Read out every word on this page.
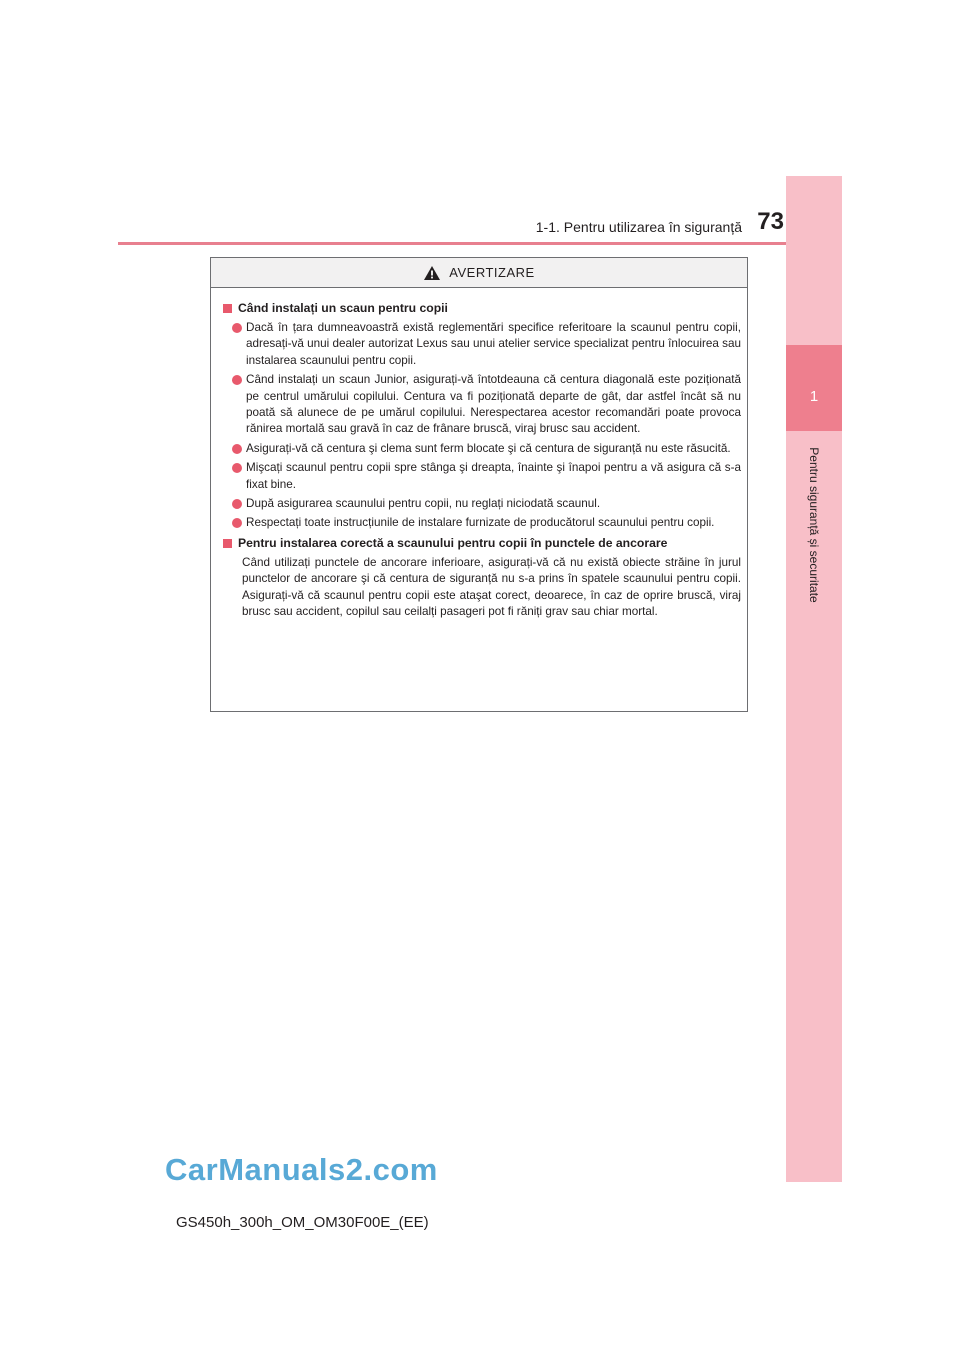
1-1. Pentru utilizarea în siguranță 73
1
Pentru siguranță și securitate
AVERTIZARE
Când instalați un scaun pentru copii
Dacă în țara dumneavoastră există reglementări specifice referitoare la scaunul pentru copii, adresați-vă unui dealer autorizat Lexus sau unui atelier service specializat pentru înlocuirea sau instalarea scaunului pentru copii.
Când instalați un scaun Junior, asigurați-vă întotdeauna că centura diagonală este poziționată pe centrul umărului copilului. Centura va fi poziționată departe de gât, dar astfel încât să nu poată să alunece de pe umărul copilului. Nerespectarea acestor recomandări poate provoca rănirea mortală sau gravă în caz de frânare bruscă, viraj brusc sau accident.
Asigurați-vă că centura şi clema sunt ferm blocate şi că centura de siguranță nu este răsucită.
Mişcați scaunul pentru copii spre stânga şi dreapta, înainte şi înapoi pentru a vă asigura că s-a fixat bine.
După asigurarea scaunului pentru copii, nu reglați niciodată scaunul.
Respectați toate instrucțiunile de instalare furnizate de producătorul scaunului pentru copii.
Pentru instalarea corectă a scaunului pentru copii în punctele de ancorare
Când utilizați punctele de ancorare inferioare, asigurați-vă că nu există obiecte străine în jurul punctelor de ancorare şi că centura de siguranță nu s-a prins în spatele scaunului pentru copii. Asigurați-vă că scaunul pentru copii este ataşat corect, deoarece, în caz de oprire bruscă, viraj brusc sau accident, copilul sau ceilalți pasageri pot fi răniți grav sau chiar mortal.
CarManuals2.com
GS450h_300h_OM_OM30F00E_(EE)
